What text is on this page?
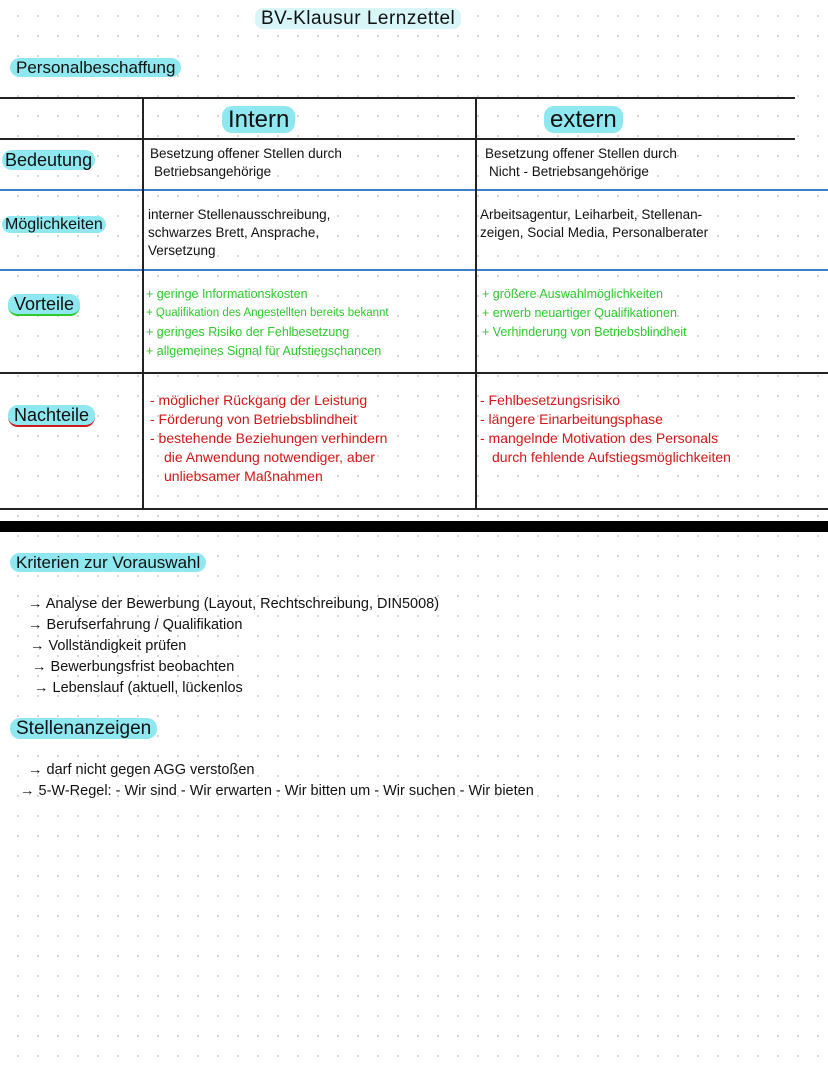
BV-Klausur Lernzettel
Personalbeschaffung
Intern	extern
Bedeutung
Möglichkeiten
Vorteile
Nachteile
Besetzung offener Stellen durch
Betriebsangehörige
Besetzung offener Stellen durch
Nicht - Betriebsangehörige
interner Stellenausschreibung,
schwarzes Brett, Ansprache,
Versetzung
Arbeitsagentur, Leiharbeit, Stellenan-
zeigen, Social Media, Personalberater
+ geringe Informationskosten
+ Qualifikation des Angestellten bereits bekannt
+ geringes Risiko der Fehlbesetzung
+ allgemeines Signal für Aufstiegschancen
+ größere Auswahlmöglichkeiten
+ erwerb neuartiger Qualifikationen
+ Verhinderung von Betriebsblindheit
- möglicher Rückgang der Leistung
- Förderung von Betriebsblindheit
- bestehende Beziehungen verhindern
die Anwendung notwendiger, aber
unliebsamer Maßnahmen
- Fehlbesetzungsrisiko
- längere Einarbeitungsphase
- mangelnde Motivation des Personals
durch fehlende Aufstiegsmöglichkeiten
Kriterien zur Vorauswahl
→ Analyse der Bewerbung (Layout, Rechtschreibung, DIN5008)
→ Berufserfahrung / Qualifikation
→ Vollständigkeit prüfen
→ Bewerbungsfrist beobachten
→ Lebenslauf (aktuell, lückenlos
Stellenanzeigen
→ darf nicht gegen AGG verstoßen
→ 5-W-Regel: - Wir sind - Wir erwarten - Wir bitten um - Wir suchen - Wir bieten
